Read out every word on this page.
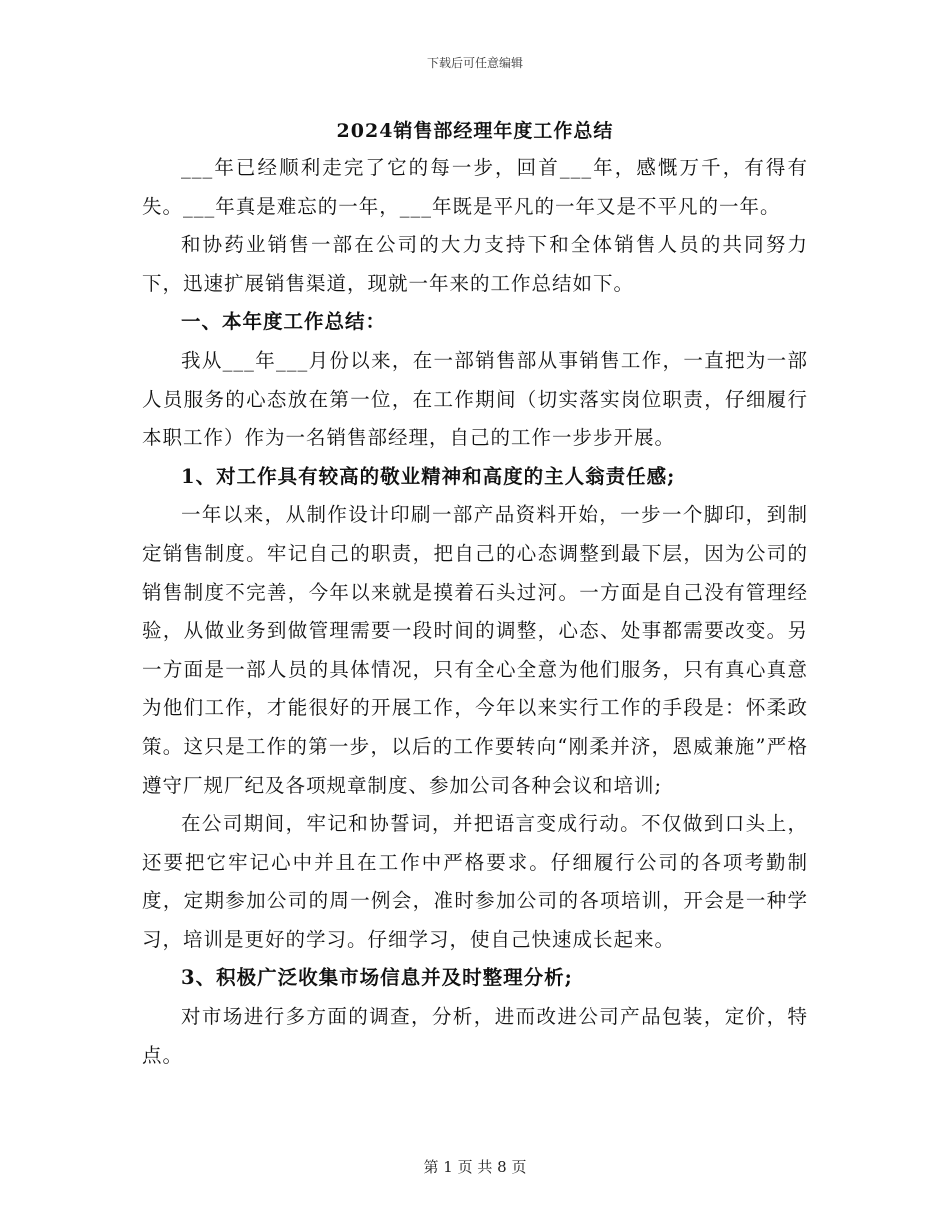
下载后可任意编辑
2024销售部经理年度工作总结

___年已经顺利走完了它的每一步，回首___年，感慨万千，有得有失。___年真是难忘的一年，___年既是平凡的一年又是不平凡的一年。

和协药业销售一部在公司的大力支持下和全体销售人员的共同努力下，迅速扩展销售渠道，现就一年来的工作总结如下。

一、本年度工作总结：

我从___年___月份以来，在一部销售部从事销售工作，一直把为一部人员服务的心态放在第一位，在工作期间（切实落实岗位职责，仔细履行本职工作）作为一名销售部经理，自己的工作一步步开展。

1、对工作具有较高的敬业精神和高度的主人翁责任感;

一年以来，从制作设计印刷一部产品资料开始，一步一个脚印，到制定销售制度。牢记自己的职责，把自己的心态调整到最下层，因为公司的销售制度不完善，今年以来就是摸着石头过河。一方面是自己没有管理经验，从做业务到做管理需要一段时间的调整，心态、处事都需要改变。另一方面是一部人员的具体情况，只有全心全意为他们服务，只有真心真意为他们工作，才能很好的开展工作，今年以来实行工作的手段是：怀柔政策。这只是工作的第一步，以后的工作要转向“刚柔并济，恩威兼施”严格遵守厂规厂纪及各项规章制度、参加公司各种会议和培训;

在公司期间，牢记和协誓词，并把语言变成行动。不仅做到口头上，还要把它牢记心中并且在工作中严格要求。仔细履行公司的各项考勤制度，定期参加公司的周一例会，准时参加公司的各项培训，开会是一种学习，培训是更好的学习。仔细学习，使自己快速成长起来。

3、积极广泛收集市场信息并及时整理分析;

对市场进行多方面的调查，分析，进而改进公司产品包装，定价，特点。

第 1 页 共 8 页
